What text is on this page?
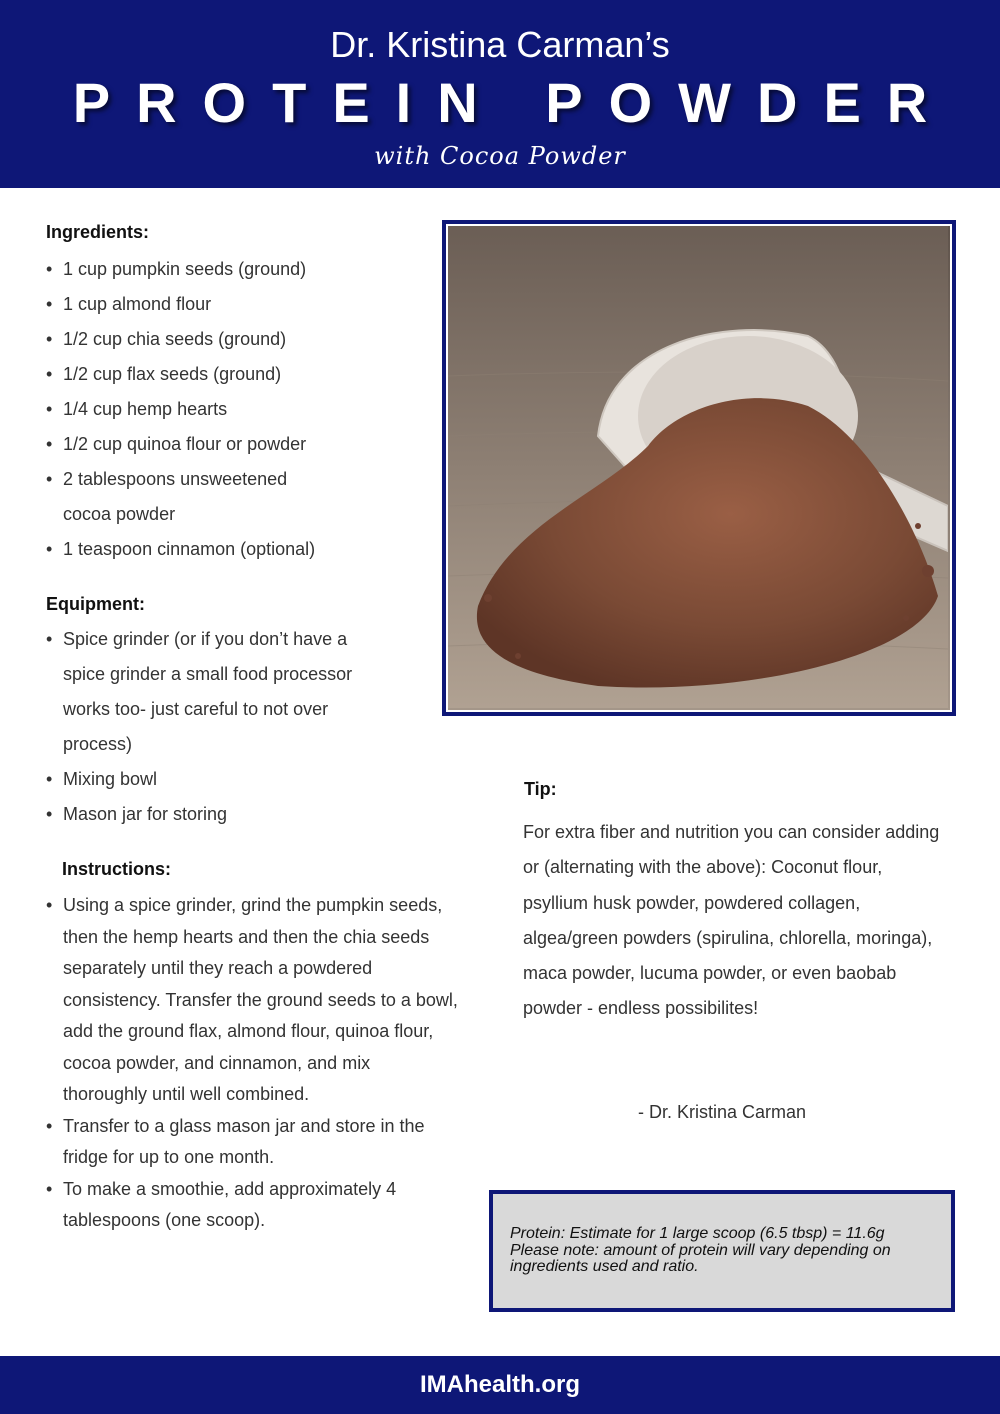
Dr. Kristina Carman’s
PROTEIN POWDER
with Cocoa Powder
Ingredients:
• 1 cup pumpkin seeds (ground)
• 1 cup almond flour
• 1/2 cup chia seeds (ground)
• 1/2 cup flax seeds (ground)
• 1/4 cup hemp hearts
• 1/2 cup quinoa flour or powder
• 2 tablespoons unsweetened cocoa powder
• 1 teaspoon cinnamon (optional)
Equipment:
• Spice grinder (or if you don’t have a spice grinder a small food processor works too- just careful to not over process)
• Mixing bowl
• Mason jar for storing
Instructions:
• Using a spice grinder, grind the pumpkin seeds, then the hemp hearts and then the chia seeds separately until they reach a powdered consistency. Transfer the ground seeds to a bowl, add the ground flax, almond flour, quinoa flour, cocoa powder, and cinnamon, and mix thoroughly until well combined.
• Transfer to a glass mason jar and store in the fridge for up to one month.
• To make a smoothie, add approximately 4 tablespoons (one scoop).
Tip:
For extra fiber and nutrition you can consider adding or (alternating with the above): Coconut flour, psyllium husk powder, powdered collagen, algea/green powders (spirulina, chlorella, moringa), maca powder, lucuma powder, or even baobab powder - endless possibilites!
- Dr. Kristina Carman

Protein: Estimate for 1 large scoop (6.5 tbsp) = 11.6g

Please note: amount of protein will vary depending on ingredients used and ratio.

IMAhealth.org
